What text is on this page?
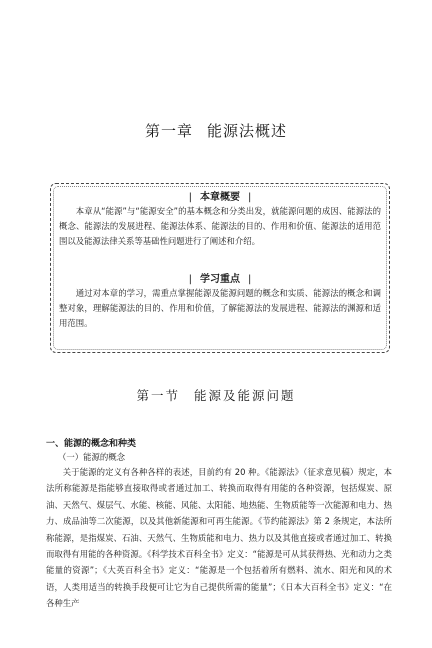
第一章 能源法概述
| 本章概要 |
本章从“能源”与“能源安全”的基本概念和分类出发，就能源问题的成因、能源法的概念、能源法的发展进程、能源法体系、能源法的目的、作用和价值、能源法的适用范围以及能源法律关系等基础性问题进行了阐述和介绍。
| 学习重点 |
通过对本章的学习，需重点掌握能源及能源问题的概念和实质、能源法的概念和调整对象，理解能源法的目的、作用和价值，了解能源法的发展进程、能源法的渊源和适用范围。
第一节 能源及能源问题
一、能源的概念和种类
（一）能源的概念
关于能源的定义有各种各样的表述，目前约有 20 种。《能源法》（征求意见稿）规定，本法所称能源是指能够直接取得或者通过加工、转换而取得有用能的各种资源，包括煤炭、原油、天然气、煤层气、水能、核能、风能、太阳能、地热能、生物质能等一次能源和电力、热力、成品油等二次能源，以及其他新能源和可再生能源。《节约能源法》第 2 条规定，本法所称能源，是指煤炭、石油、天然气、生物质能和电力、热力以及其他直接或者通过加工、转换而取得有用能的各种资源。《科学技术百科全书》定义：“能源是可从其获得热、光和动力之类能量的资源”；《大英百科全书》定义：“能源是一个包括着所有燃料、流水、阳光和风的术语，人类用适当的转换手段便可让它为自己提供所需的能量”；《日本大百科全书》定义：“在各种生产
